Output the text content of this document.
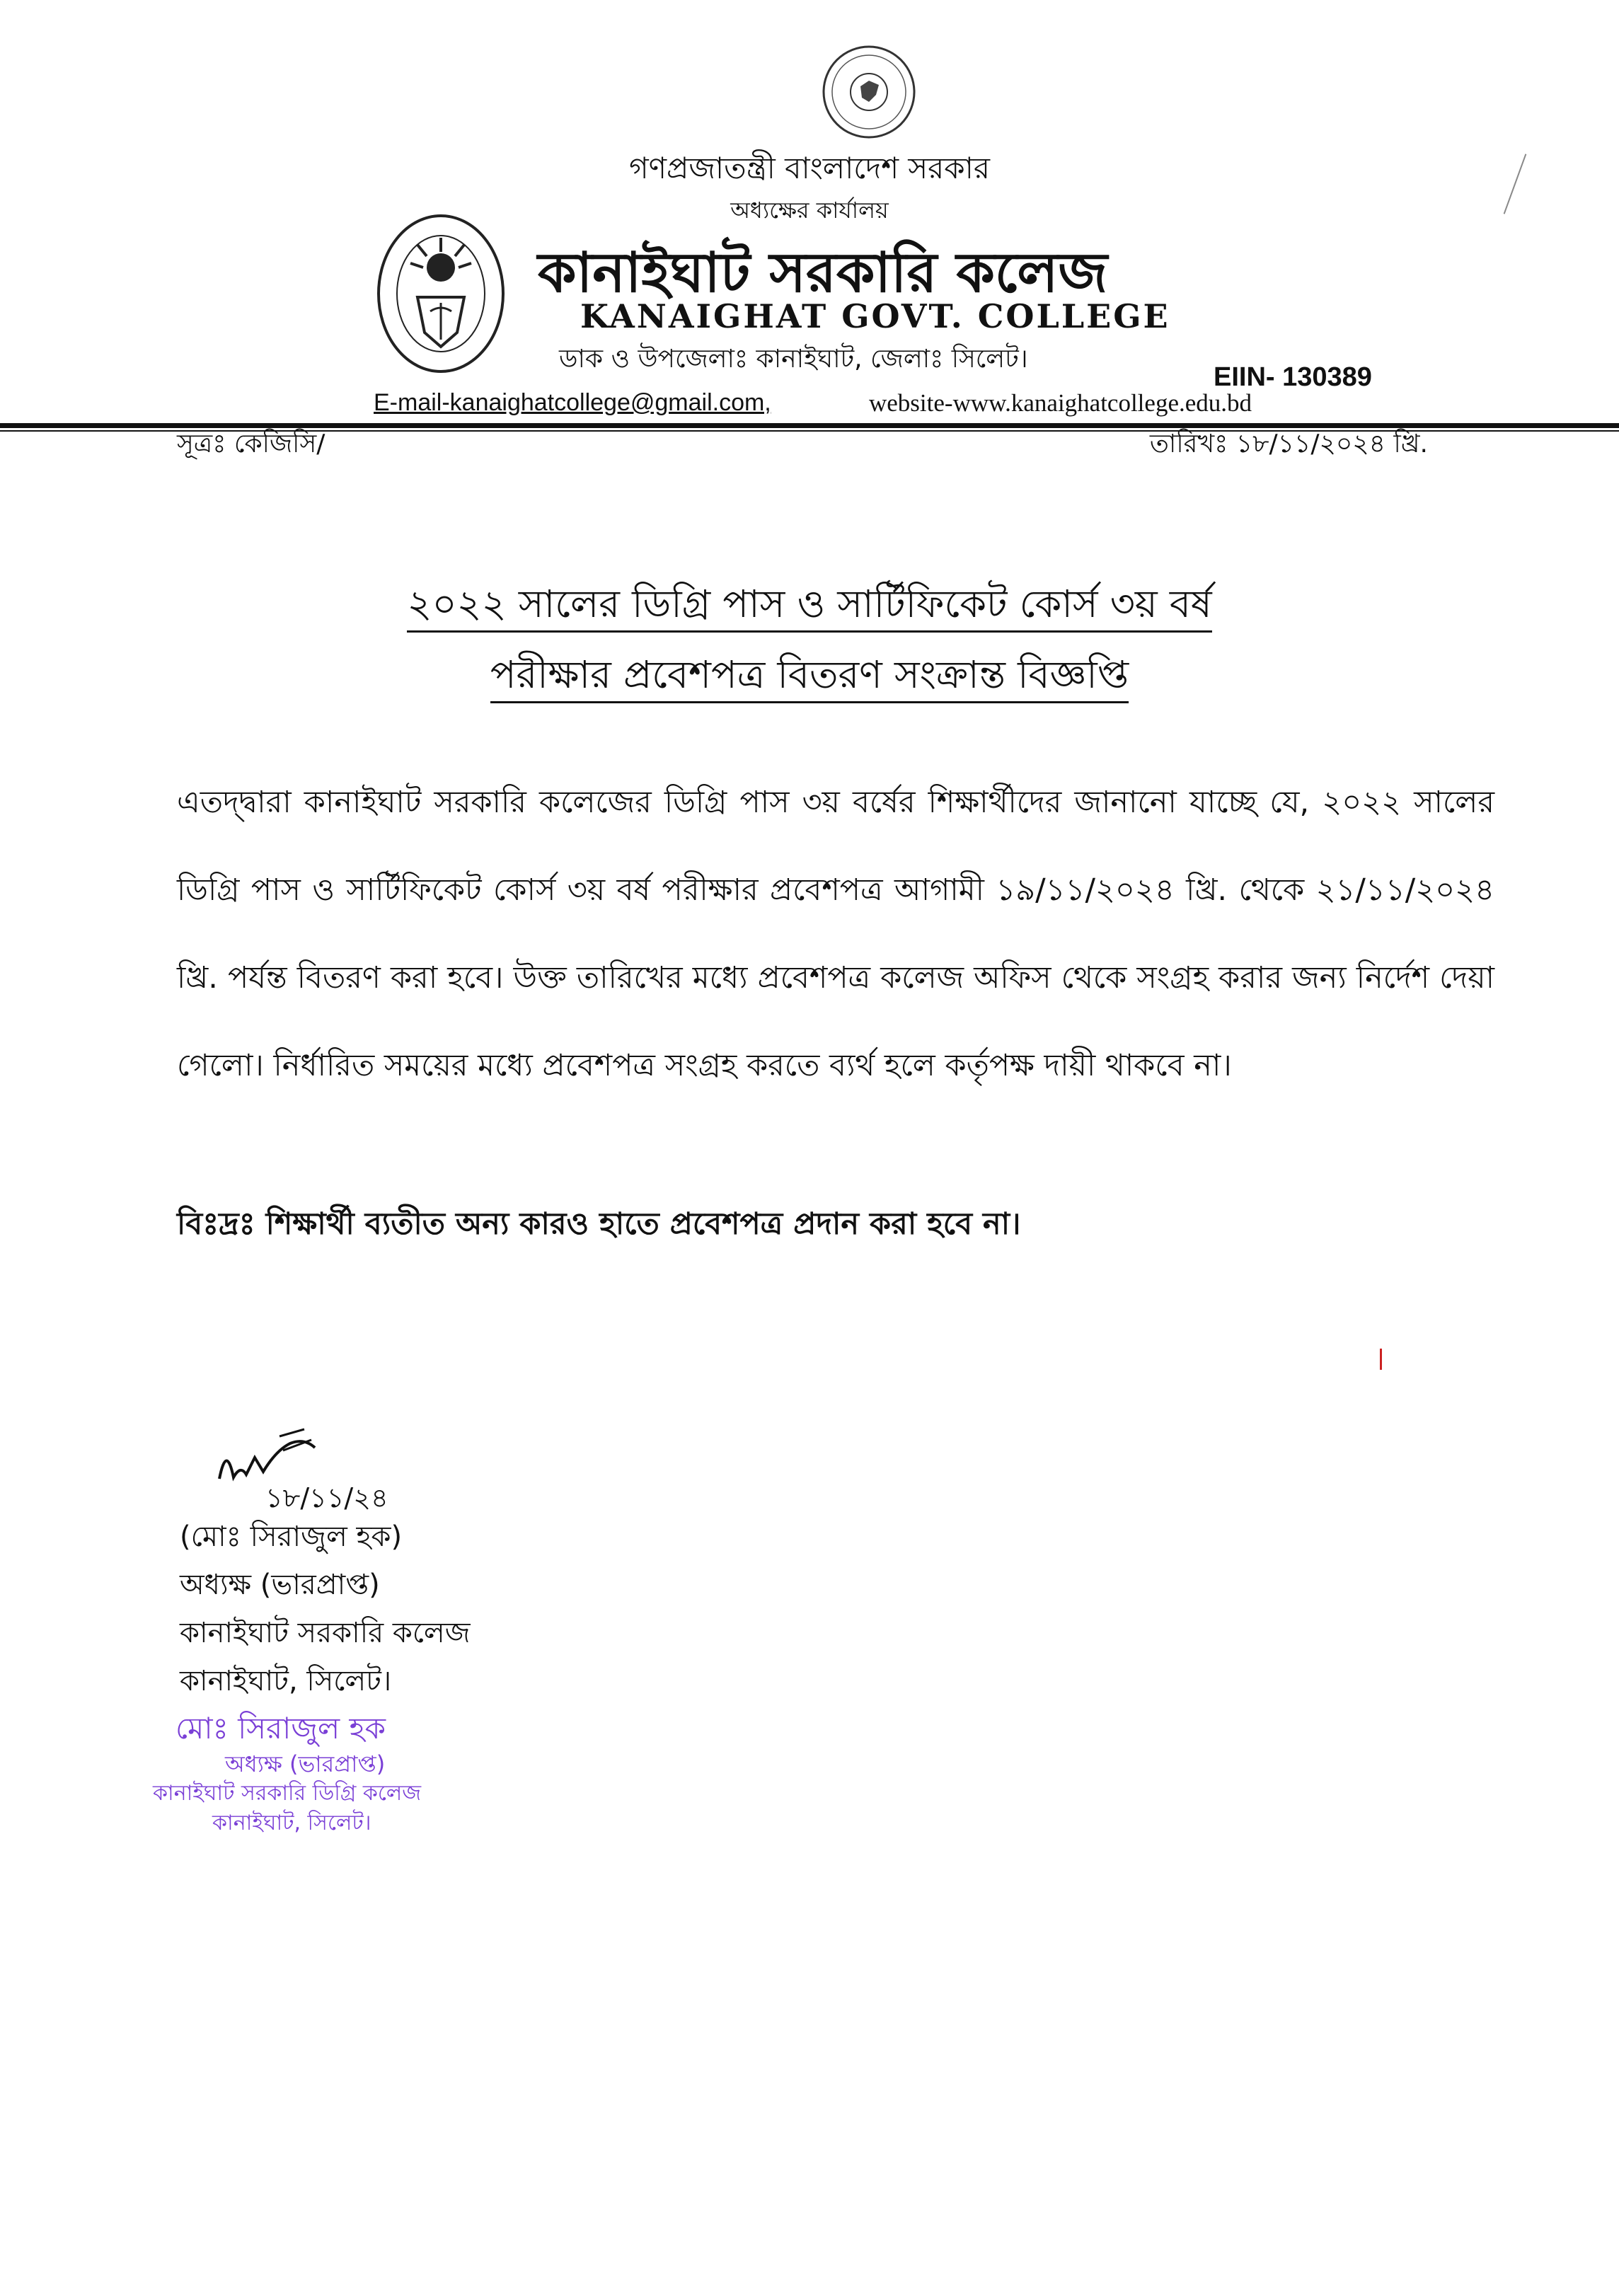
গণপ্রজাতন্ত্রী বাংলাদেশ সরকার
অধ্যক্ষের কার্যালয়
কানাইঘাট সরকারি কলেজ
KANAIGHAT GOVT. COLLEGE
ডাক ও উপজেলাঃ কানাইঘাট, জেলাঃ সিলেট।
EIIN- 130389
E-mail-kanaighatcollege@gmail.com,	website-www.kanaighatcollege.edu.bd
সূত্রঃ কেজিসি/	তারিখঃ ১৮/১১/২০২৪ খ্রি.
২০২২ সালের ডিগ্রি পাস ও সার্টিফিকেট কোর্স ৩য় বর্ষ
পরীক্ষার প্রবেশপত্র বিতরণ সংক্রান্ত বিজ্ঞপ্তি
এতদ্দ্বারা কানাইঘাট সরকারি কলেজের ডিগ্রি পাস ৩য় বর্ষের শিক্ষার্থীদের জানানো যাচ্ছে যে, ২০২২ সালের ডিগ্রি পাস ও সার্টিফিকেট কোর্স ৩য় বর্ষ পরীক্ষার প্রবেশপত্র আগামী ১৯/১১/২০২৪ খ্রি. থেকে ২১/১১/২০২৪ খ্রি. পর্যন্ত বিতরণ করা হবে। উক্ত তারিখের মধ্যে প্রবেশপত্র কলেজ অফিস থেকে সংগ্রহ করার জন্য নির্দেশ দেয়া গেলো। নির্ধারিত সময়ের মধ্যে প্রবেশপত্র সংগ্রহ করতে ব্যর্থ হলে কর্তৃপক্ষ দায়ী থাকবে না।
বিঃদ্রঃ শিক্ষার্থী ব্যতীত অন্য কারও হাতে প্রবেশপত্র প্রদান করা হবে না।
১৮/১১/২৪
(মোঃ সিরাজুল হক)
অধ্যক্ষ (ভারপ্রাপ্ত)
কানাইঘাট সরকারি কলেজ
কানাইঘাট, সিলেট।
মোঃ সিরাজুল হক
অধ্যক্ষ (ভারপ্রাপ্ত)
কানাইঘাট সরকারি ডিগ্রি কলেজ
কানাইঘাট, সিলেট।
